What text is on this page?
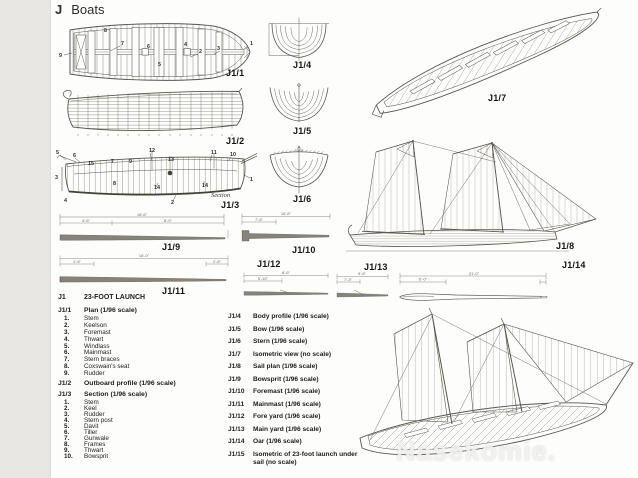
J Boats
9
8
7	6
5
4
2	3
1
J1/1
J1/2
5	6
15	7	9
12
13
11 10
3
4
8
14
2
14
1
Section
J1/3
J1/4
J1/5
J1/6
J1/7
J1/8
18'-6"
4'-6"	8'-0"
J1/9
16'-6"
7'-6"
J1/10
18'-0"
1'-6"	2'-6"
J1/11
J1/12
8'-6"
5'-10"
J1/13
9'-6"
7'-3"
J1/14
21'-0"
6'-0"
J1	23-FOOT LAUNCH
J1/1 Plan (1/96 scale)
1. Stem
2. Keelson
3. Foremast
4. Thwart
5. Windlass
6. Mainmast
7. Stern braces
8. Coxswain's seat
9. Rudder
J1/2 Outboard profile (1/96 scale)
J1/3 Section (1/96 scale)
1. Stem
2. Keel
3. Rudder
4. Stern post
5. Davit
6. Tiller
7. Gunwale
8. Frames
9. Thwart
10. Bowsprit
J1/4 Body profile (1/96 scale)
J1/5 Bow (1/96 scale)
J1/6 Stern (1/96 scale)
J1/7 Isometric view (no scale)
J1/8 Sail plan (1/96 scale)
J1/9 Bowsprit (1/96 scale)
J1/10 Foremast (1/96 scale)
J1/11 Mainmast (1/96 scale)
J1/12 Fore yard (1/96 scale)
J1/13 Main yard (1/96 scale)
J1/14 Oar (1/96 scale)
J1/15 Isometric of 23-foot launch under
sail (no scale)	Nasekomie.
